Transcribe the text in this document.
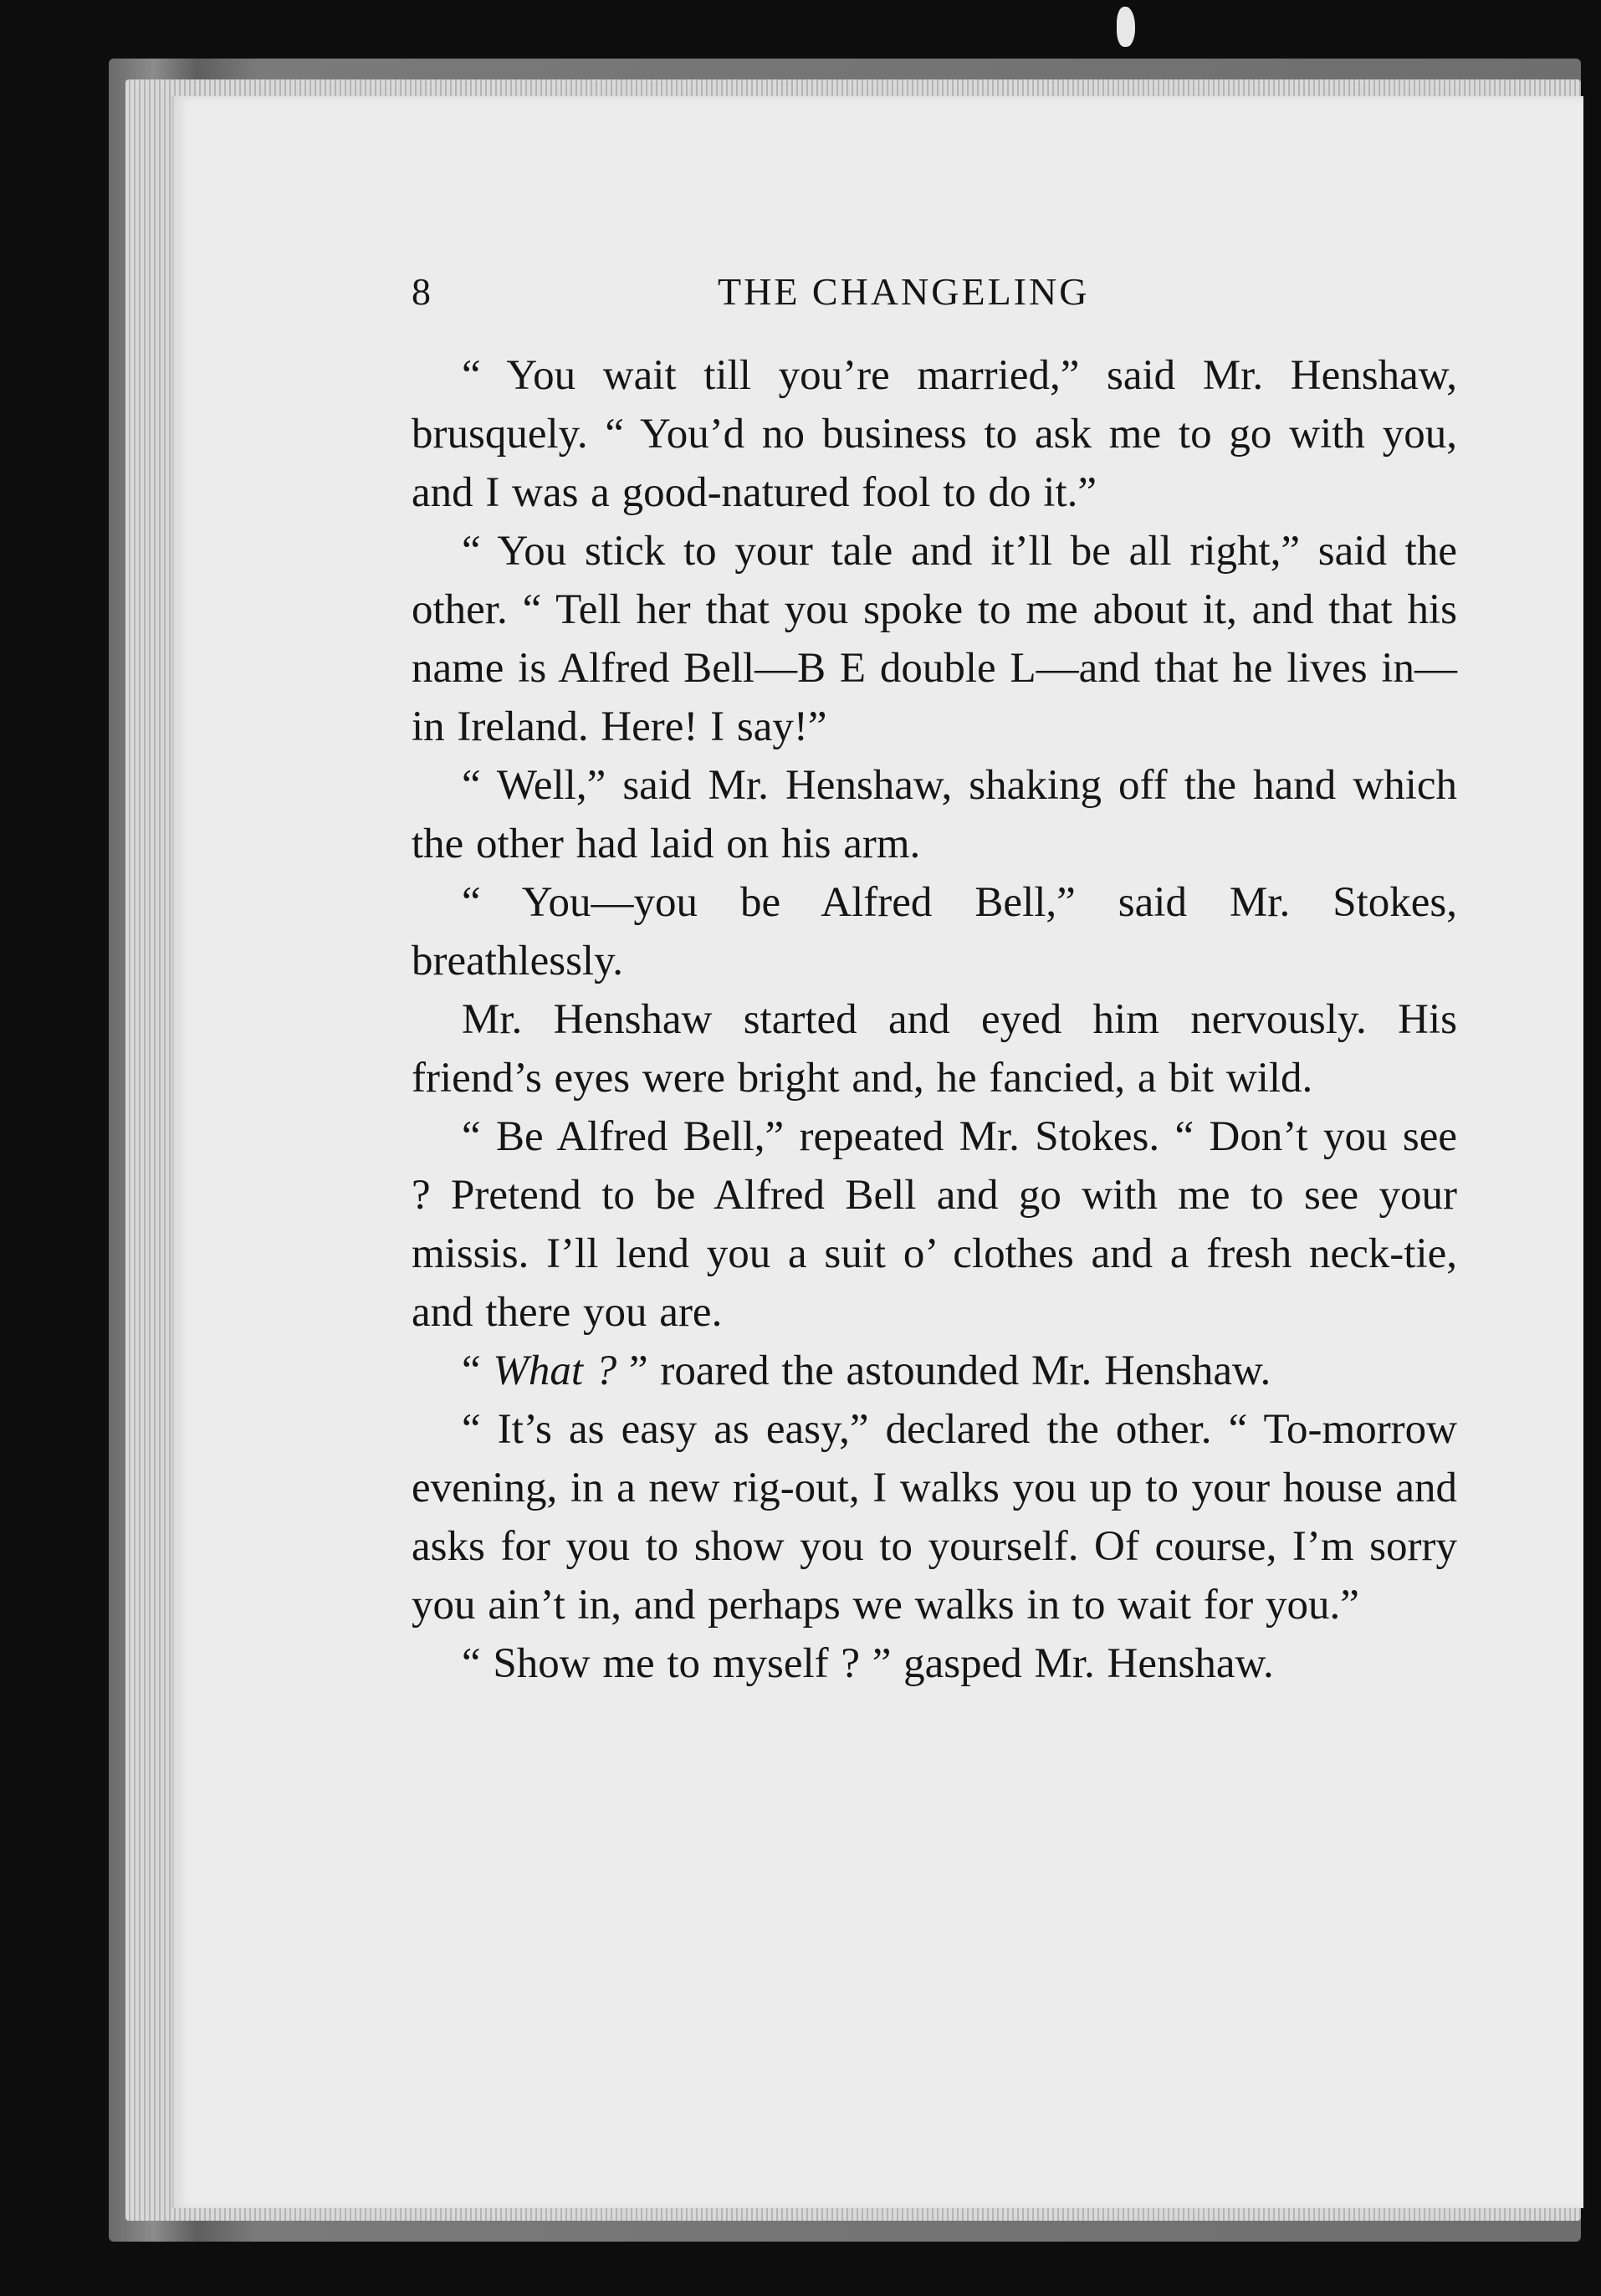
8	THE CHANGELING

“ You wait till you’re married,” said Mr. Henshaw, brusquely. “ You’d no business to ask me to go with you, and I was a good-natured fool to do it.”

“ You stick to your tale and it’ll be all right,” said the other. “ Tell her that you spoke to me about it, and that his name is Alfred Bell—B E double L—and that he lives in—in Ireland. Here! I say!”

“ Well,” said Mr. Henshaw, shaking off the hand which the other had laid on his arm.

“ You—you be Alfred Bell,” said Mr. Stokes, breathlessly.

Mr. Henshaw started and eyed him nervously. His friend’s eyes were bright and, he fancied, a bit wild.

“ Be Alfred Bell,” repeated Mr. Stokes. “ Don’t you see ? Pretend to be Alfred Bell and go with me to see your missis. I’ll lend you a suit o’ clothes and a fresh neck-tie, and there you are.

“ What ? ” roared the astounded Mr. Henshaw.

“ It’s as easy as easy,” declared the other. “ To-morrow evening, in a new rig-out, I walks you up to your house and asks for you to show you to yourself. Of course, I’m sorry you ain’t in, and perhaps we walks in to wait for you.”

“ Show me to myself ? ” gasped Mr. Henshaw.
